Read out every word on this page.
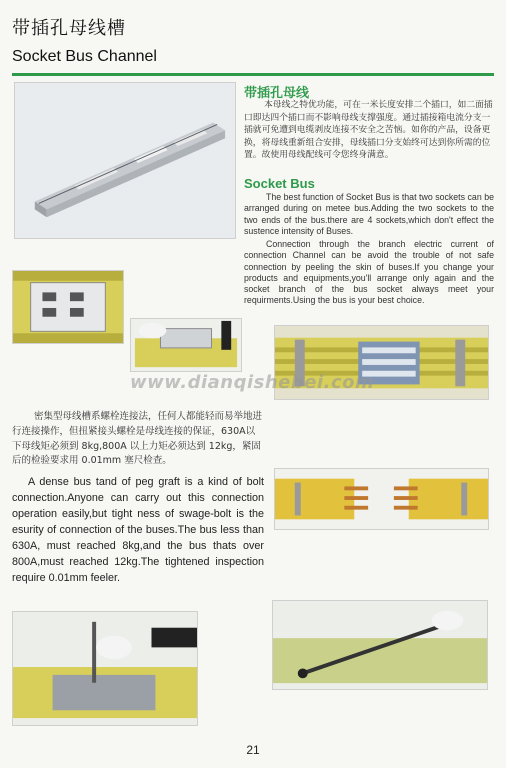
带插孔母线槽
Socket Bus Channel
带插孔母线
本母线之特优功能，可在一米长度安排二个插口，如二面插口即达四个插口而不影响母线支撑强度。通过插接箱电流分支一插就可免遭到电缆剥皮连接不安全之苦恼。如你的产品，设备更换，将母线重新组合安排，母线插口分支始终可达到你所需的位置。故使用母线配线可令您终身满意。
Socket Bus
The best function of Socket Bus is that two sockets can be arranged during on metee bus.Adding the two sockets to the two ends of the bus.there are 4 sockets,which don't effect the sustence intensity of Buses.
Connection through the branch electric current of connection Channel can be avoid the trouble of not safe connection by peeling the skin of buses.If you change your products and equipments,you'll arrange only again and the socket branch of the bus socket always meet your requirments.Using the bus is your best choice.
www.dianqishebei.com
密集型母线槽系螺栓连接法，任何人都能轻而易举地进行连接操作，但扭紧接头螺栓是母线连接的保证，630A以下母线矩必须到 8kg,800A 以上力矩必须达到 12kg，紧固后的检验要求用 0.01mm 塞尺检查。
A dense bus tand of peg graft is a kind of bolt connection.Anyone can carry out this connection operation easily,but tight ness of swage-bolt is the esurity of connection of the buses.The bus less than 630A, must reached 8kg,and the bus thats over 800A,must reached 12kg.The tightened inspection require 0.01mm feeler.
21
